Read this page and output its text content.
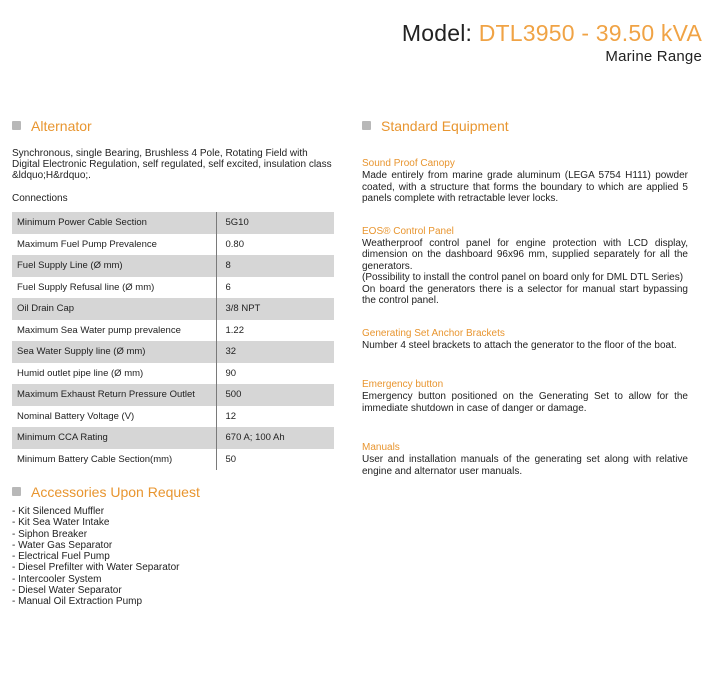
Model: DTL3950 - 39.50 kVA
Marine Range
Alternator

Synchronous, single Bearing, Brushless 4 Pole, Rotating Field with Digital Electronic Regulation, self regulated, self excited, insulation class &ldquo;H&rdquo;.

Connections
Minimum Power Cable Section	5G10
Maximum Fuel Pump Prevalence	0.80
Fuel Supply Line (Ø mm)	8
Fuel Supply Refusal line (Ø mm)	6
Oil Drain Cap	3/8 NPT
Maximum Sea Water pump prevalence	1.22
Sea Water Supply line (Ø mm)	32
Humid outlet pipe line (Ø mm)	90
Maximum Exhaust Return Pressure Outlet	500
Nominal Battery Voltage (V)	12
Minimum CCA Rating	670 A; 100 Ah
Minimum Battery Cable Section(mm)	50
Accessories Upon Request
- Kit Silenced Muffler
- Kit Sea Water Intake
- Siphon Breaker
- Water Gas Separator
- Electrical Fuel Pump
- Diesel Prefilter with Water Separator
- Intercooler System
- Diesel Water Separator
- Manual Oil Extraction Pump
Standard Equipment
Sound Proof Canopy

Made entirely from marine grade aluminum (LEGA 5754 H111) powder coated, with a structure that forms the boundary to which are applied 5 panels complete with retractable lever locks.

EOS® Control Panel

Weatherproof control panel for engine protection with LCD display, dimension on the dashboard 96x96 mm, supplied separately for all the generators.

(Possibility to install the control panel on board only for DML DTL Series)

On board the generators there is a selector for manual start bypassing the control panel.

Generating Set Anchor Brackets

Number 4 steel brackets to attach the generator to the floor of the boat.

Emergency button

Emergency button positioned on the Generating Set to allow for the immediate shutdown in case of danger or damage.

Manuals

User and installation manuals of the generating set along with relative engine and alternator user manuals.
